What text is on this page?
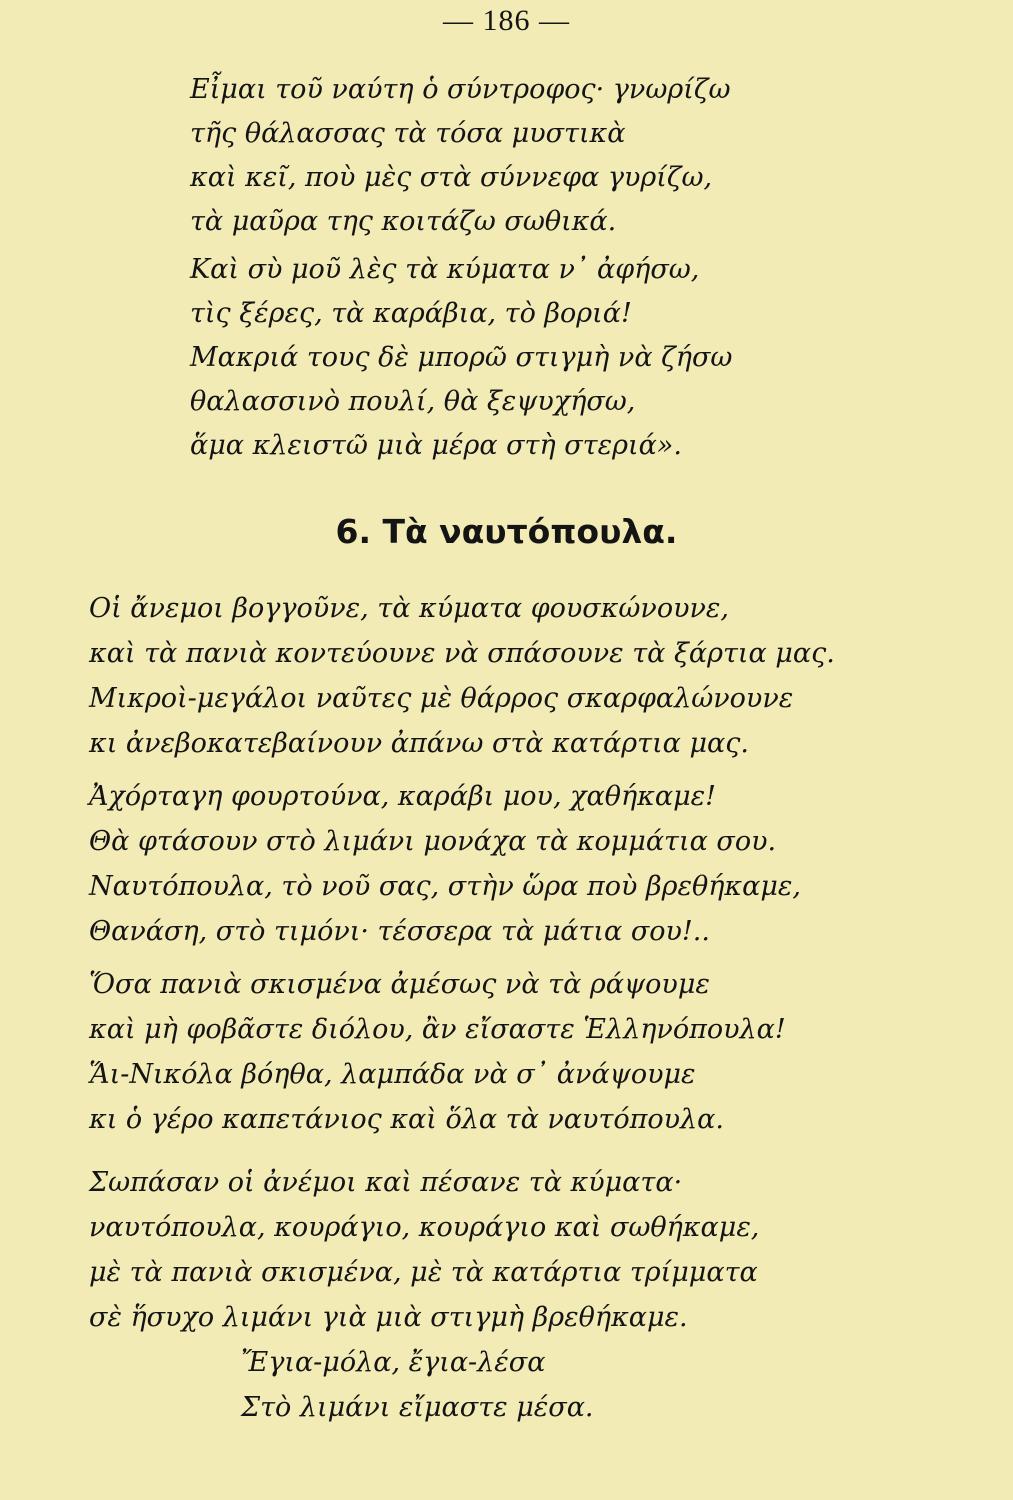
— 186 —
Εἶμαι τοῦ ναύτη ὁ σύντροφος· γνωρίζω
τῆς θάλασσας τὰ τόσα μυστικὰ
καὶ κεῖ, ποὺ μὲς στὰ σύννεφα γυρίζω,
τὰ μαῦρα της κοιτάζω σωθικά.
Καὶ σὺ μοῦ λὲς τὰ κύματα ν᾿ ἀφήσω,
τὶς ξέρες, τὰ καράβια, τὸ βοριά!
Μακριά τους δὲ μπορῶ στιγμὴ νὰ ζήσω
θαλασσινὸ πουλί, θὰ ξεψυχήσω,
ἅμα κλειστῶ μιὰ μέρα στὴ στεριά».
6. Τὰ ναυτόπουλα.
Οἱ ἄνεμοι βογγοῦνε, τὰ κύματα φουσκώνουνε,
καὶ τὰ πανιὰ κοντεύουνε νὰ σπάσουνε τὰ ξάρτια μας.
Μικροὶ-μεγάλοι ναῦτες μὲ θάρρος σκαρφαλώνουνε
κι ἀνεβοκατεβαίνουν ἀπάνω στὰ κατάρτια μας.
Ἀχόρταγη φουρτούνα, καράβι μου, χαθήκαμε!
Θὰ φτάσουν στὸ λιμάνι μονάχα τὰ κομμάτια σου.
Ναυτόπουλα, τὸ νοῦ σας, στὴν ὥρα ποὺ βρεθήκαμε,
Θανάση, στὸ τιμόνι· τέσσερα τὰ μάτια σου!..
Ὅσα πανιὰ σκισμένα ἀμέσως νὰ τὰ ράψουμε
καὶ μὴ φοβᾶστε διόλου, ἂν εἴσαστε Ἑλληνόπουλα!
Ἅι-Νικόλα βόηθα, λαμπάδα νὰ σ᾿ ἀνάψουμε
κι ὁ γέρο καπετάνιος καὶ ὅλα τὰ ναυτόπουλα.
Σωπάσαν οἱ ἀνέμοι καὶ πέσανε τὰ κύματα·
ναυτόπουλα, κουράγιο, κουράγιο καὶ σωθήκαμε,
μὲ τὰ πανιὰ σκισμένα, μὲ τὰ κατάρτια τρίμματα
σὲ ἥσυχο λιμάνι γιὰ μιὰ στιγμὴ βρεθήκαμε.
Ἔγια-μόλα, ἔγια-λέσα
Στὸ λιμάνι εἴμαστε μέσα.
